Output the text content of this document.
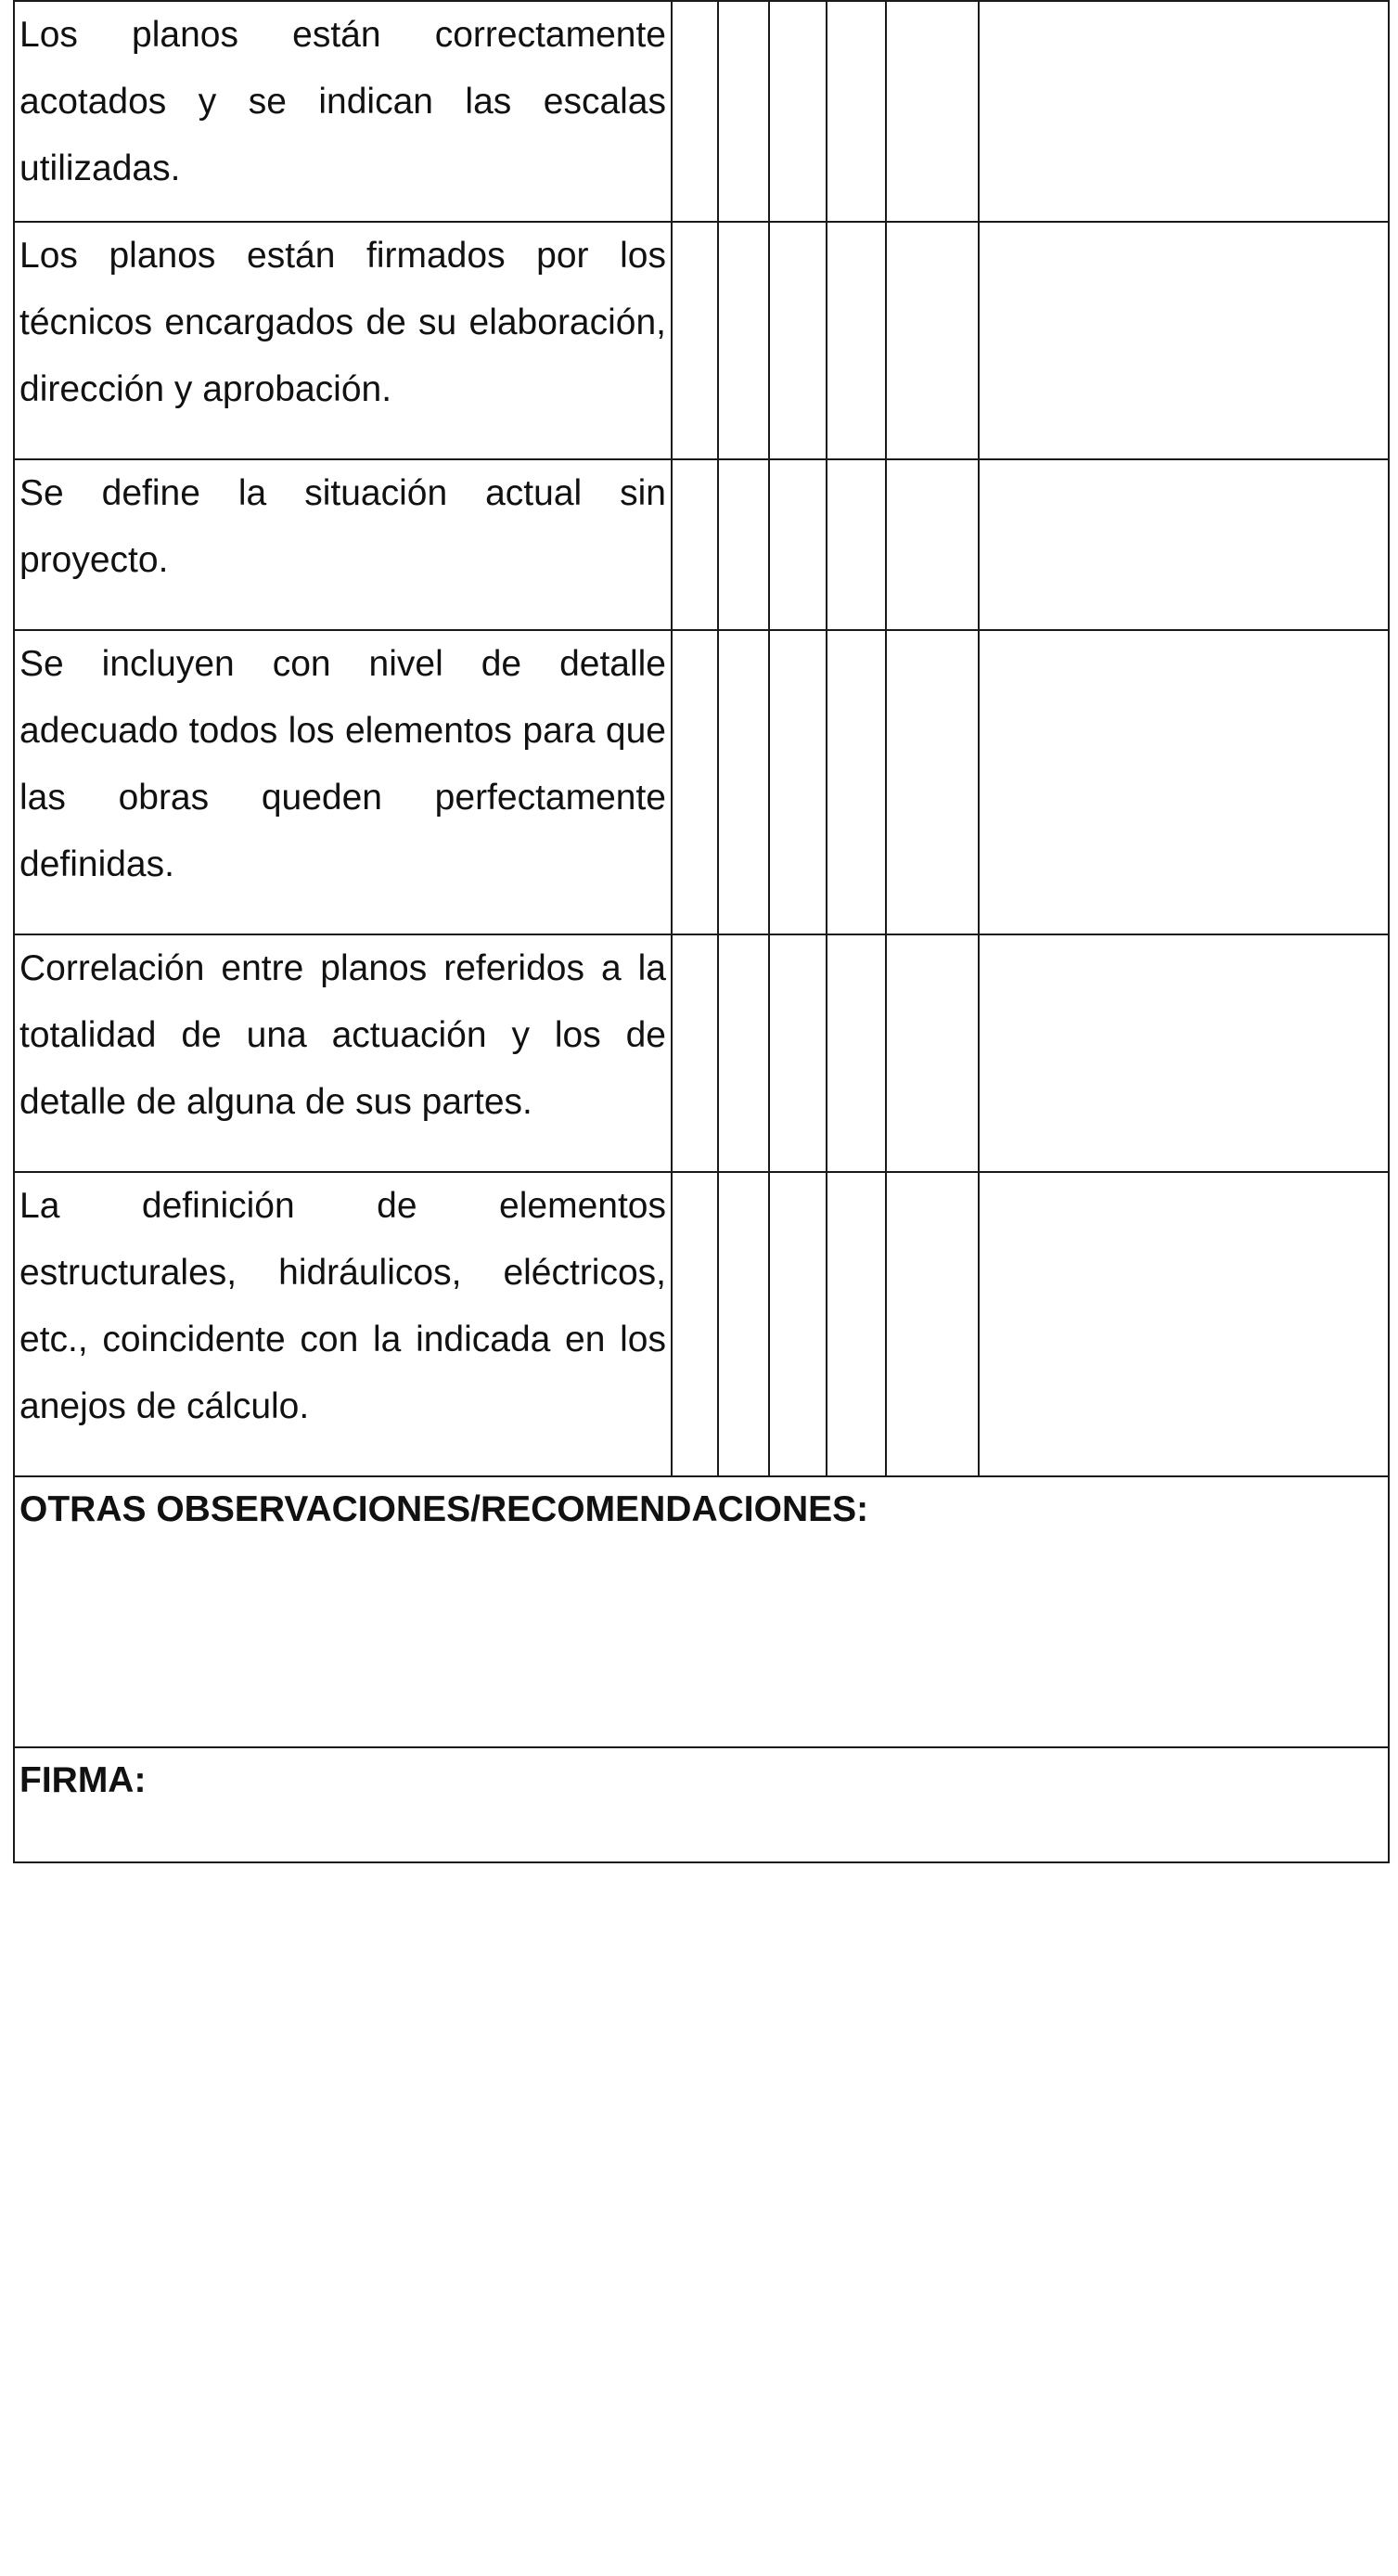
Los planos están correctamente acotados y se indican las escalas utilizadas.						

Los planos están firmados por los técnicos encargados de su elaboración, dirección y aprobación.						

Se define la situación actual sin proyecto.						

Se incluyen con nivel de detalle adecuado todos los elementos para que las obras queden perfectamente definidas.						

Correlación entre planos referidos a la totalidad de una actuación y los de detalle de alguna de sus partes.						

La definición de elementos estructurales, hidráulicos, eléctricos, etc., coincidente con la indicada en los anejos de cálculo.						

OTRAS OBSERVACIONES/RECOMENDACIONES:						

FIRMA:						
